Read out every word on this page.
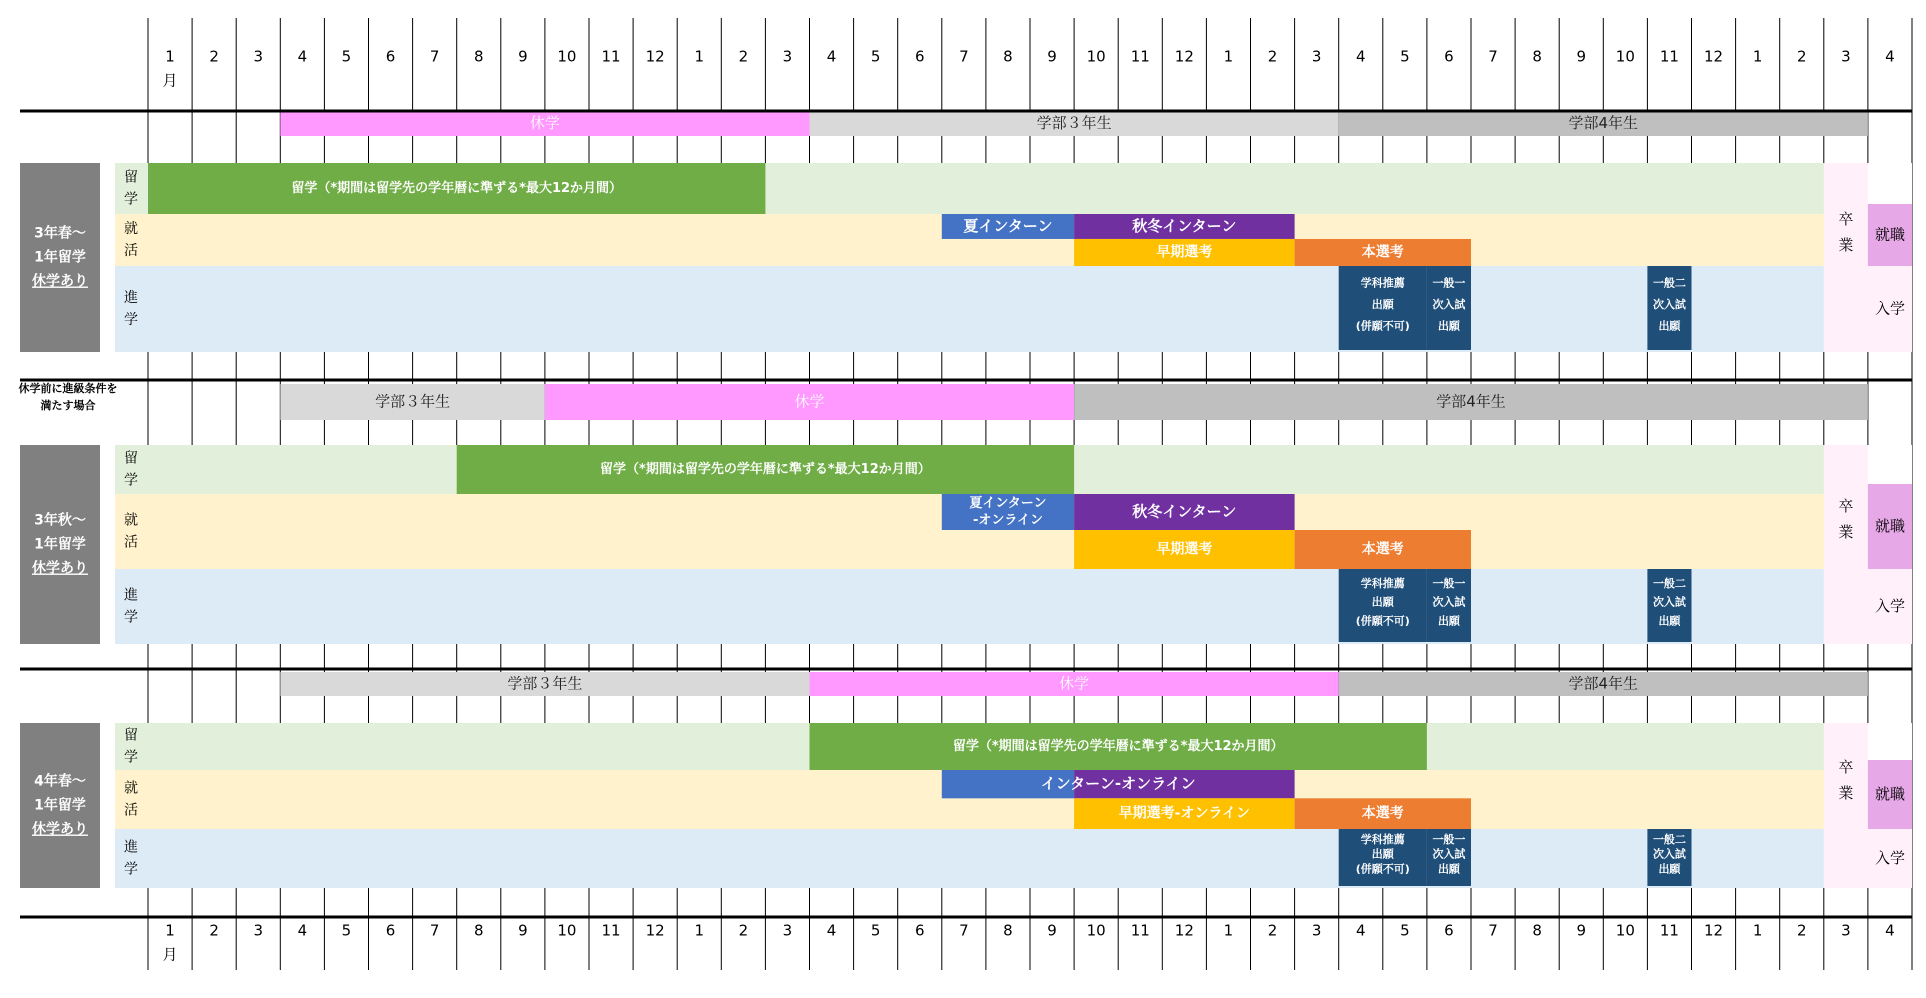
1 2 3 4 5 6 7 8 9 10 11 12 1 2 3 4 5 6 7 8 9 10 11 12 1 2 3 4 5 6 7 8 9 10 11 12 1 2 3 4
月
休学	学部３年生	学部4年生
留学（*期間は留学先の学年暦に準ずる*最大12か月間）
夏インターン	秋冬インターン
早期選考	本選考
学科推薦
出願
(併願不可)
一般一
次入試
出願
一般二
次入試
出願
留
学
就
活
進
学
卒
業
就職
入学
3年春～
1年留学
休学あり
学部３年生	休学	学部4年生
留学（*期間は留学先の学年暦に準ずる*最大12か月間）
夏インターン
-オンライン	秋冬インターン
早期選考	本選考
学科推薦
出願
(併願不可)
一般一
次入試
出願
一般二
次入試
出願
留
学
就
活
進
学
卒
業 就職
入学
3年秋～
1年留学
休学あり
休学前に進級条件を
満たす場合
学部３年生	休学	学部4年生
留学（*期間は留学先の学年暦に準ずる*最大12か月間）
インターン-オンライン
早期選考-オンライン	本選考
学科推薦
出願
(併願不可)
一般一
次入試
出願
一般二
次入試
出願
留
学
就
活
進
学
卒
業 就職
入学
4年春～
1年留学
休学あり
1 2 3 4 5 6 7 8 9 10 11 12 1 2 3 4 5 6 7 8 9 10 11 12 1 2 3 4 5 6 7 8 9 10 11 12 1 2 3 4
月
